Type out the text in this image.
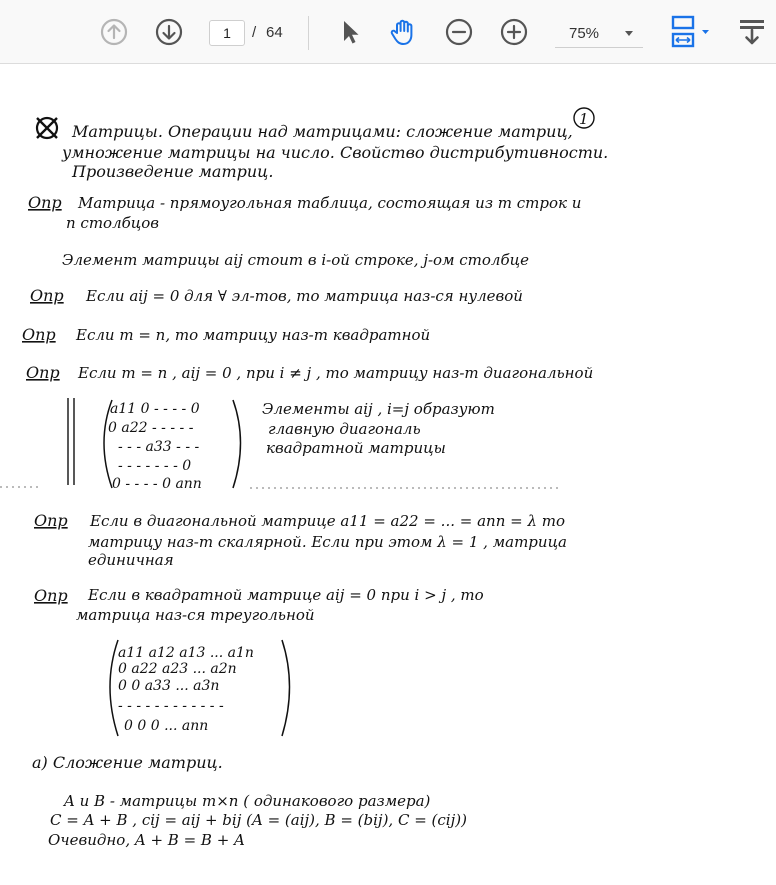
1	/ 64	75%
1
Матрицы. Операции над матрицами: сложение матриц,
умножение матрицы на число. Свойство дистрибутивности.
Произведение матриц.
Опр Матрица - прямоугольная таблица, состоящая из m строк и
n столбцов
Элемент матрицы aij стоит в i-ой строке, j-ом столбце
Опр Если aij = 0 для ∀ эл-тов, то матрица наз-ся нулевой
Опр Если m = n, то матрицу наз-т квадратной
Опр Если m = n , aij = 0 , при i ≠ j , то матрицу наз-т диагональной
a11 0 - - - - 0
0 a22 - - - - -
- - - a33 - - -
- - - - - - - 0
0 - - - - 0 ann
Элементы aij , i=j образуют
главную диагональ
квадратной матрицы
Опр Если в диагональной матрице a11 = a22 = ... = ann = λ то
матрицу наз-т скалярной. Если при этом λ = 1 , матрица
единичная
Опр Если в квадратной матрице aij = 0 при i > j , то
матрица наз-ся треугольной
a11 a12 a13 ... a1n
0 a22 a23 ... a2n
0 0 a33 ... a3n
- - - - - - - - - - - -
0 0 0 ... ann
а) Сложение матриц.
A и B - матрицы m×n ( одинакового размера)
C = A + B , cij = aij + bij (A = (aij), B = (bij), C = (cij))
Очевидно, A + B = B + A
